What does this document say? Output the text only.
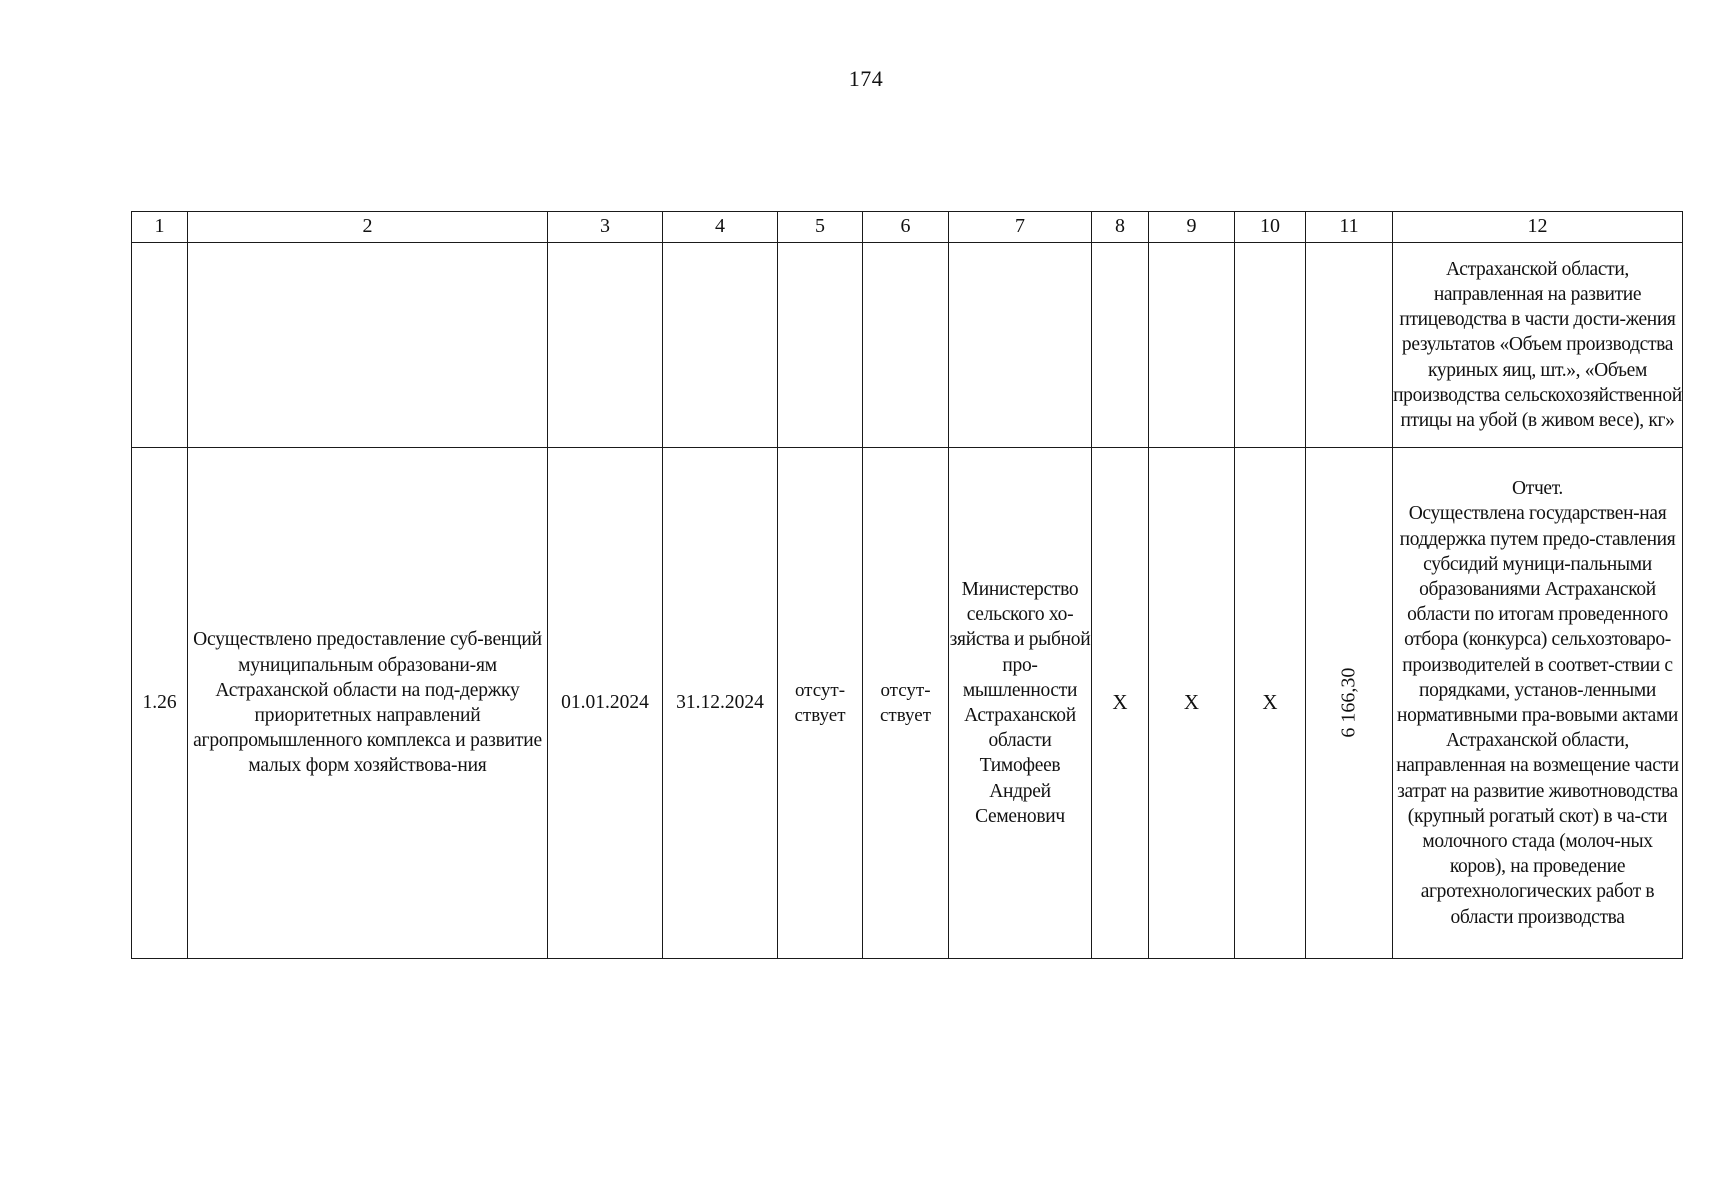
174
1	2	3	4	5	6	7	8	9	10	11	12
											Астраханской области, направленная на развитие птицеводства в части дости-жения результатов «Объем производства куриных яиц, шт.», «Объем производства сельскохозяйственной птицы на убой (в живом весе), кг»
1.26	Осуществлено предоставление суб-венций муниципальным образовани-ям Астраханской области на под-держку приоритетных направлений агропромышленного комплекса и развитие малых форм хозяйствова-ния	01.01.2024	31.12.2024	отсут-ствует	отсут-ствует	Министерство сельского хо-зяйства и рыбной про-мышленности Астраханской области Тимофеев Андрей Семенович	Х	Х	Х	6 166,30	Отчет.
Осуществлена государствен-ная поддержка путем предо-ставления субсидий муници-пальными образованиями Астраханской области по итогам проведенного отбора (конкурса) сельхозтоваро-производителей в соответ-ствии с порядками, установ-ленными нормативными пра-вовыми актами Астраханской области, направленная на возмещение части затрат на развитие животноводства (крупный рогатый скот) в ча-сти молочного стада (молоч-ных коров), на проведение агротехнологических работ в области производства
